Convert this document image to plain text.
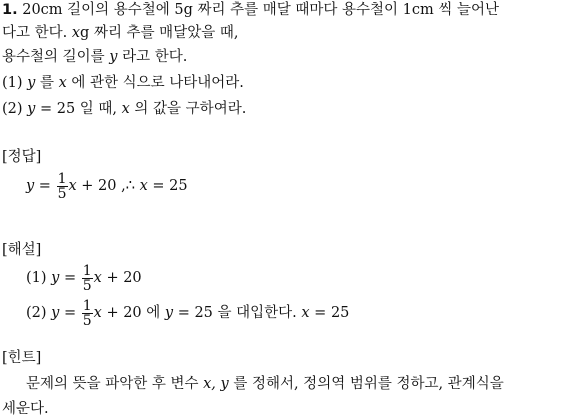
1. 20cm 길이의 용수철에 5g 짜리 추를 매달 때마다 용수철이 1cm 씩 늘어난
다고 한다. xg 짜리 추를 매달았을 때,
용수철의 길이를 y 라고 한다.
(1) y 를 x 에 관한 식으로 나타내어라.
(2) y = 25 일 때, x 의 값을 구하여라.
[정답]
$y = \frac{1}{5}$ x + 20 ,∴ x = 25
[해설]
(1) $y = \frac{1}{5}$ x + 20
(2) $y = \frac{1}{5}$ x + 20 에 y = 25 을 대입한다. x = 25
[힌트]
문제의 뜻을 파악한 후 변수 x, y 를 정해서, 정의역 범위를 정하고, 관계식을
세운다.
